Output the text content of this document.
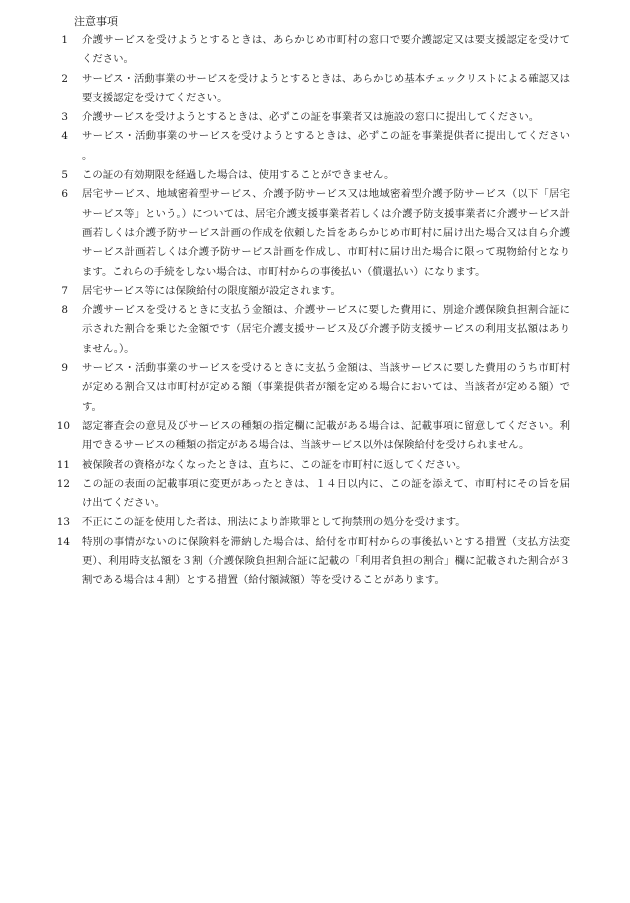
注意事項
1 介護サービスを受けようとするときは、あらかじめ市町村の窓口で要介護認定又は要支援認定を受けてください。
2 サービス・活動事業のサービスを受けようとするときは、あらかじめ基本チェックリストによる確認又は要支援認定を受けてください。
3 介護サービスを受けようとするときは、必ずこの証を事業者又は施設の窓口に提出してください。
4 サービス・活動事業のサービスを受けようとするときは、必ずこの証を事業提供者に提出してください。
5 この証の有効期限を経過した場合は、使用することができません。
6 居宅サービス、地域密着型サービス、介護予防サービス又は地域密着型介護予防サービス（以下「居宅サービス等」という。）については、居宅介護支援事業者若しくは介護予防支援事業者に介護サービス計画若しくは介護予防サービス計画の作成を依頼した旨をあらかじめ市町村に届け出た場合又は自ら介護サービス計画若しくは介護予防サービス計画を作成し、市町村に届け出た場合に限って現物給付となります。これらの手続をしない場合は、市町村からの事後払い（償還払い）になります。
7 居宅サービス等には保険給付の限度額が設定されます。
8 介護サービスを受けるときに支払う金額は、介護サービスに要した費用に、別途介護保険負担割合証に示された割合を乗じた金額です（居宅介護支援サービス及び介護予防支援サービスの利用支払額はありません。）。
9 サービス・活動事業のサービスを受けるときに支払う金額は、当該サービスに要した費用のうち市町村が定める割合又は市町村が定める額（事業提供者が額を定める場合においては、当該者が定める額）です。
10 認定審査会の意見及びサービスの種類の指定欄に記載がある場合は、記載事項に留意してください。利用できるサービスの種類の指定がある場合は、当該サービス以外は保険給付を受けられません。
11 被保険者の資格がなくなったときは、直ちに、この証を市町村に返してください。
12 この証の表面の記載事項に変更があったときは、１４日以内に、この証を添えて、市町村にその旨を届け出てください。
13 不正にこの証を使用した者は、刑法により詐欺罪として拘禁刑の処分を受けます。
14 特別の事情がないのに保険料を滞納した場合は、給付を市町村からの事後払いとする措置（支払方法変更）、利用時支払額を３割（介護保険負担割合証に記載の「利用者負担の割合」欄に記載された割合が３割である場合は４割）とする措置（給付額減額）等を受けることがあります。
